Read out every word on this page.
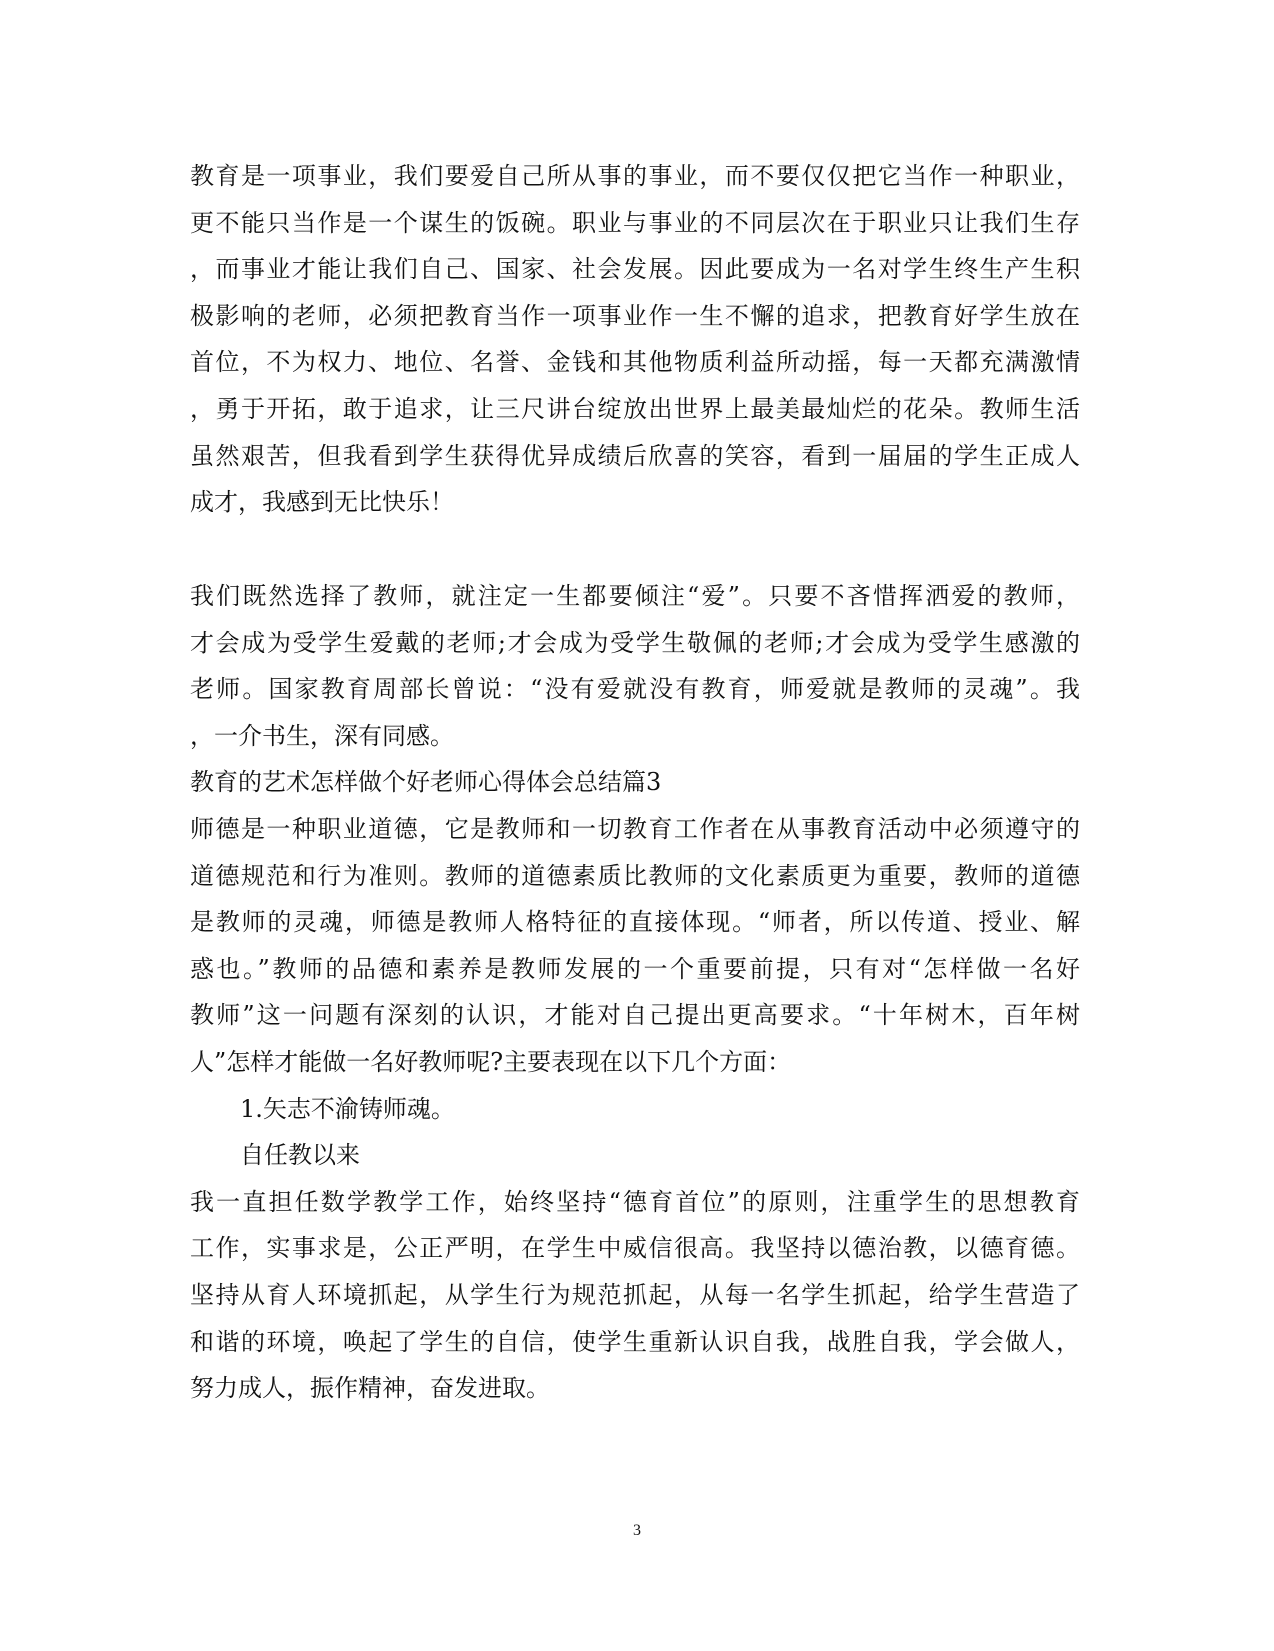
教育是一项事业，我们要爱自己所从事的事业，而不要仅仅把它当作一种职业，
更不能只当作是一个谋生的饭碗。职业与事业的不同层次在于职业只让我们生存
，而事业才能让我们自己、国家、社会发展。因此要成为一名对学生终生产生积
极影响的老师，必须把教育当作一项事业作一生不懈的追求，把教育好学生放在
首位，不为权力、地位、名誉、金钱和其他物质利益所动摇，每一天都充满激情
，勇于开拓，敢于追求，让三尺讲台绽放出世界上最美最灿烂的花朵。教师生活
虽然艰苦，但我看到学生获得优异成绩后欣喜的笑容，看到一届届的学生正成人
成才，我感到无比快乐！
我们既然选择了教师，就注定一生都要倾注“爱”。只要不吝惜挥洒爱的教师，
才会成为受学生爱戴的老师;才会成为受学生敬佩的老师;才会成为受学生感激的
老师。国家教育周部长曾说：“没有爱就没有教育，师爱就是教师的灵魂”。我
，一介书生，深有同感。
教育的艺术怎样做个好老师心得体会总结篇3
师德是一种职业道德，它是教师和一切教育工作者在从事教育活动中必须遵守的
道德规范和行为准则。教师的道德素质比教师的文化素质更为重要，教师的道德
是教师的灵魂，师德是教师人格特征的直接体现。“师者，所以传道、授业、解
惑也。”教师的品德和素养是教师发展的一个重要前提，只有对“怎样做一名好
教师”这一问题有深刻的认识，才能对自己提出更高要求。“十年树木，百年树
人”怎样才能做一名好教师呢?主要表现在以下几个方面：
1.矢志不渝铸师魂。
自任教以来
我一直担任数学教学工作，始终坚持“德育首位”的原则，注重学生的思想教育
工作，实事求是，公正严明，在学生中威信很高。我坚持以德治教，以德育德。
坚持从育人环境抓起，从学生行为规范抓起，从每一名学生抓起，给学生营造了
和谐的环境，唤起了学生的自信，使学生重新认识自我，战胜自我，学会做人，
努力成人，振作精神，奋发进取。
3
